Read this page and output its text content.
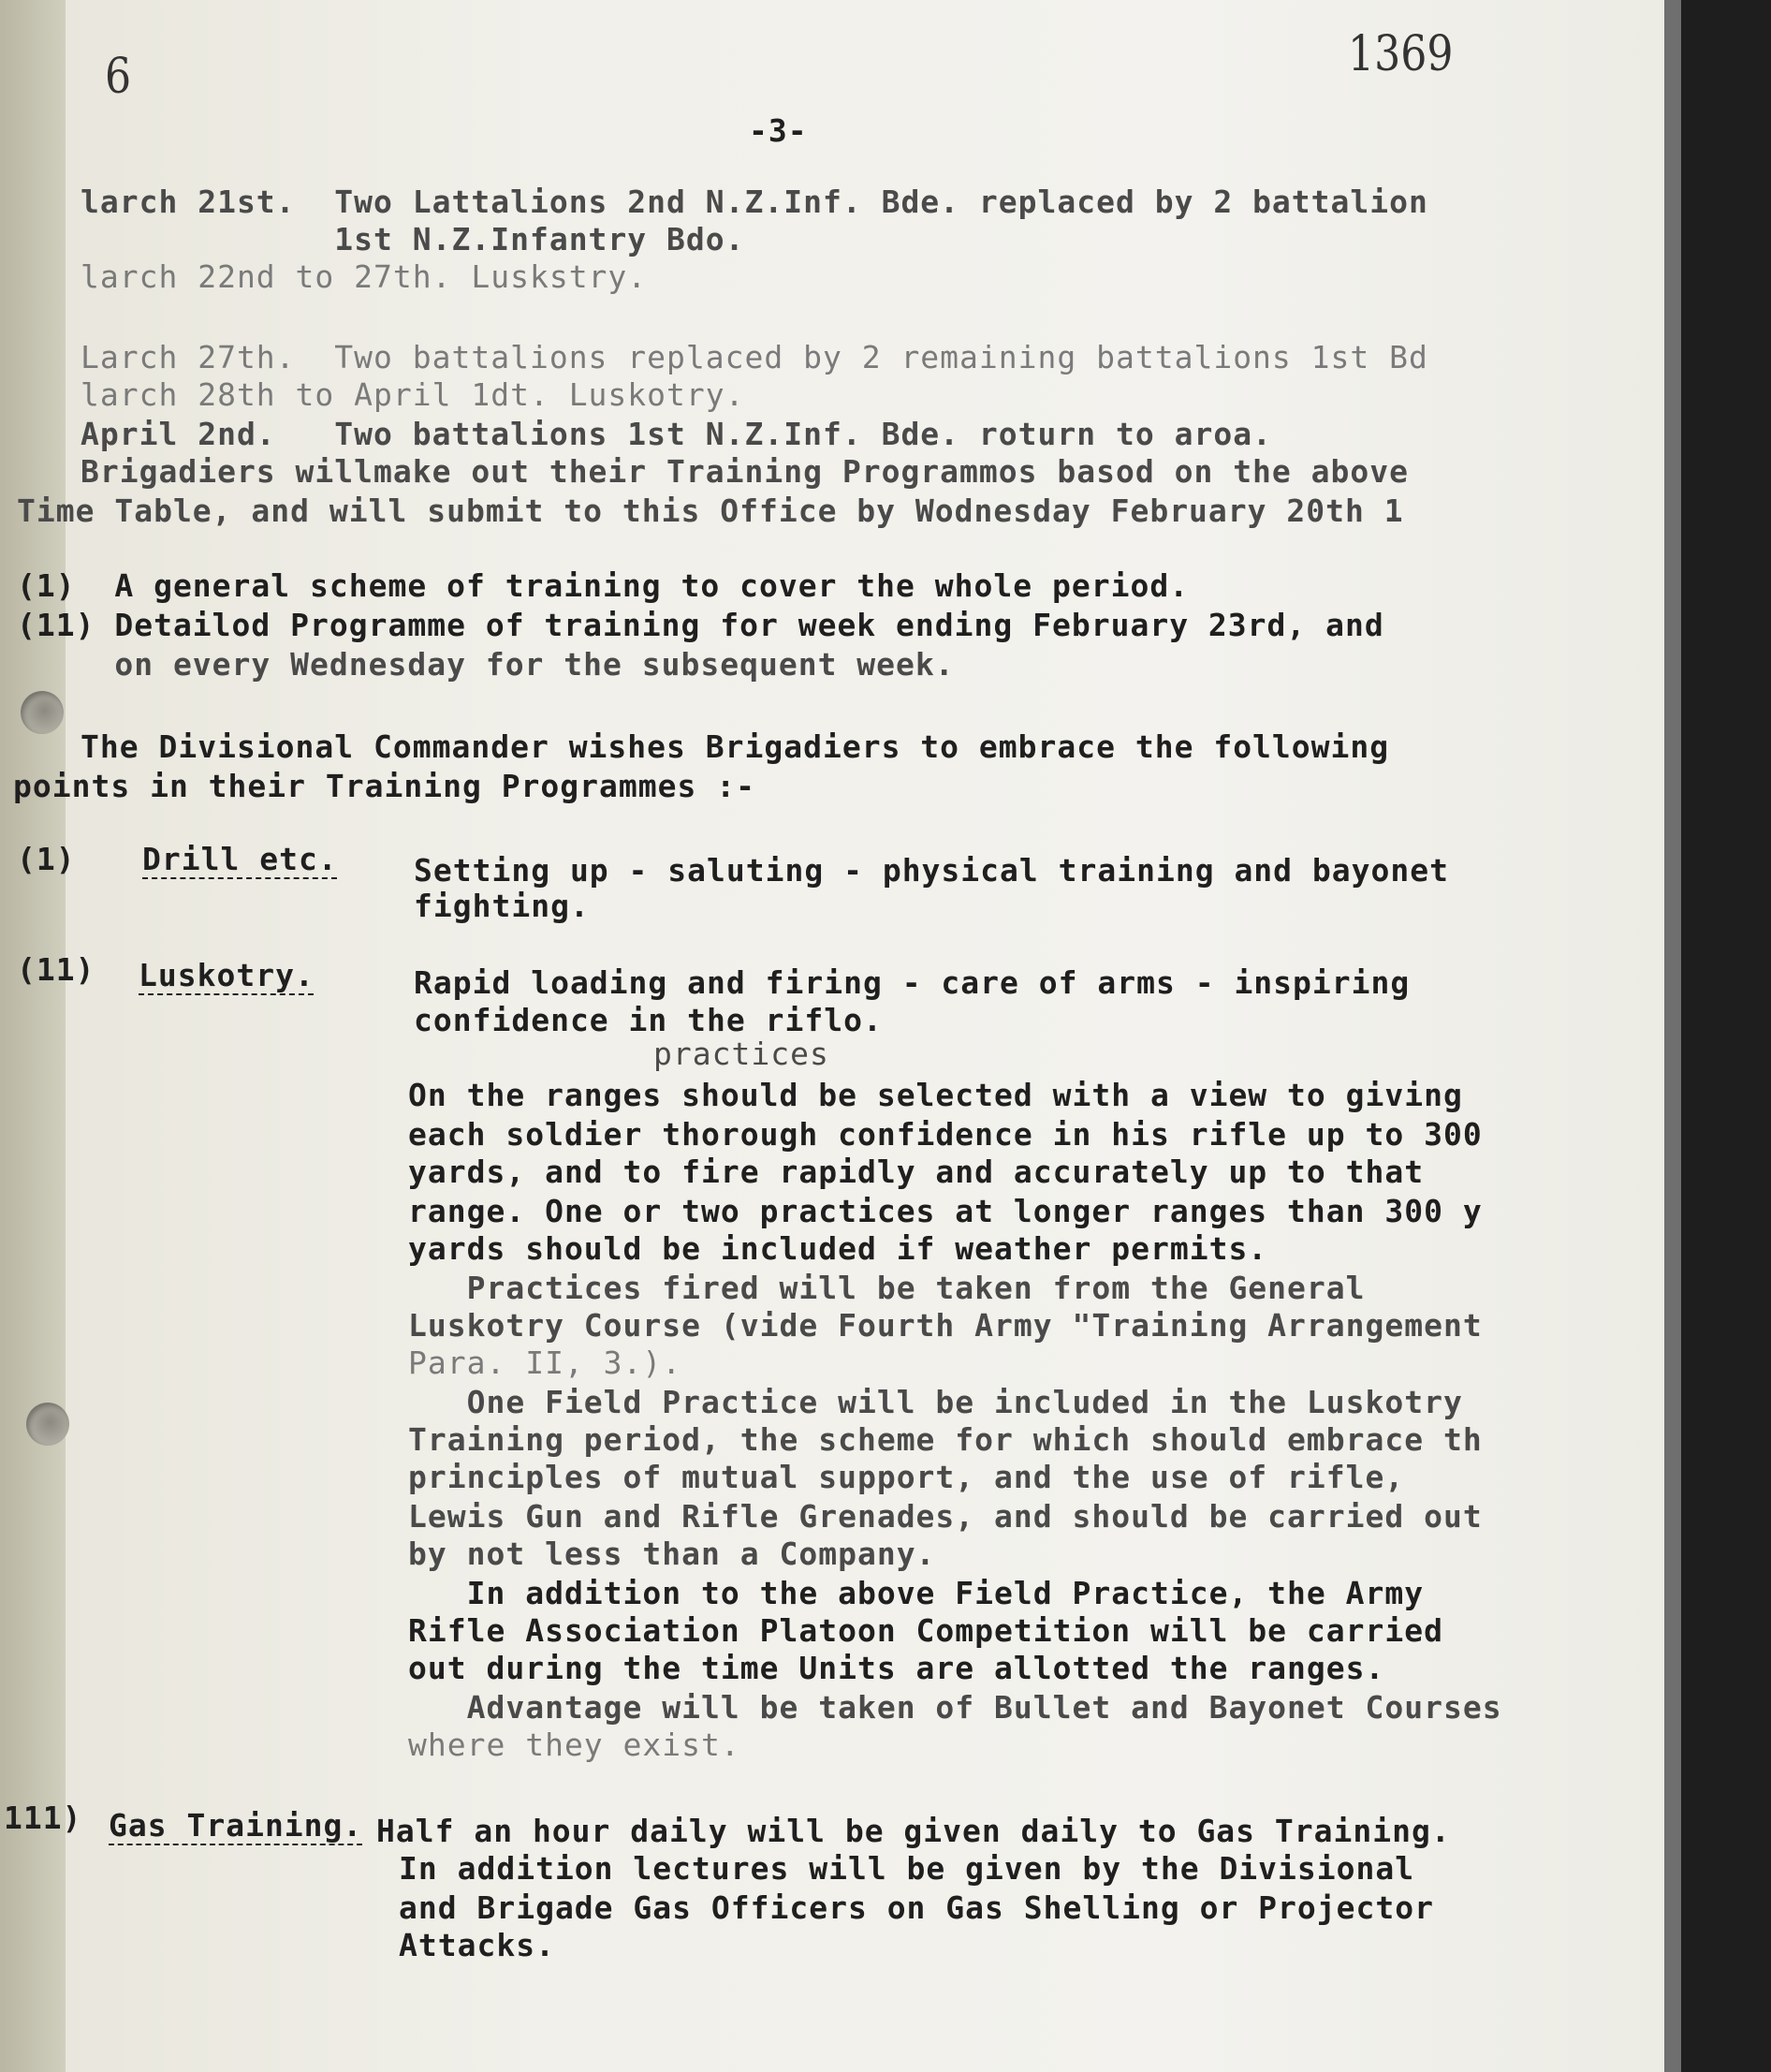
6	1369
-3-
larch 21st.  Two Lattalions 2nd N.Z.Inf. Bde. replaced by 2 battalion
1st N.Z.Infantry Bdo.
larch 22nd to 27th. Luskstry.
Larch 27th.  Two battalions replaced by 2 remaining battalions 1st Bd
larch 28th to April 1dt. Luskotry.
April 2nd.   Two battalions 1st N.Z.Inf. Bde. roturn to aroa.
Brigadiers willmake out their Training Programmos basod on the above
Time Table, and will submit to this Office by Wodnesday February 20th 1
(1)  A general scheme of training to cover the whole period.
(11) Detailod Programme of training for week ending February 23rd, and
on every Wednesday for the subsequent week.
The Divisional Commander wishes Brigadiers to embrace the following
points in their Training Programmes :-
(1) Drill etc. Setting up - saluting - physical training and bayonet
fighting.
(11) Luskotry.	Rapid loading and firing - care of arms - inspiring
confidence in the riflo.
practices
On the ranges should be selected with a view to giving
each soldier thorough confidence in his rifle up to 300
yards, and to fire rapidly and accurately up to that
range. One or two practices at longer ranges than 300 y
yards should be included if weather permits.
Practices fired will be taken from the General
Luskotry Course (vide Fourth Army "Training Arrangement
Para. II, 3.).
One Field Practice will be included in the Luskotry
Training period, the scheme for which should embrace th
principles of mutual support, and the use of rifle,
Lewis Gun and Rifle Grenades, and should be carried out
by not less than a Company.
In addition to the above Field Practice, the Army
Rifle Association Platoon Competition will be carried
out during the time Units are allotted the ranges.
Advantage will be taken of Bullet and Bayonet Courses
where they exist.
111) Gas Training. Half an hour daily will be given daily to Gas Training.
In addition lectures will be given by the Divisional
and Brigade Gas Officers on Gas Shelling or Projector
Attacks.
